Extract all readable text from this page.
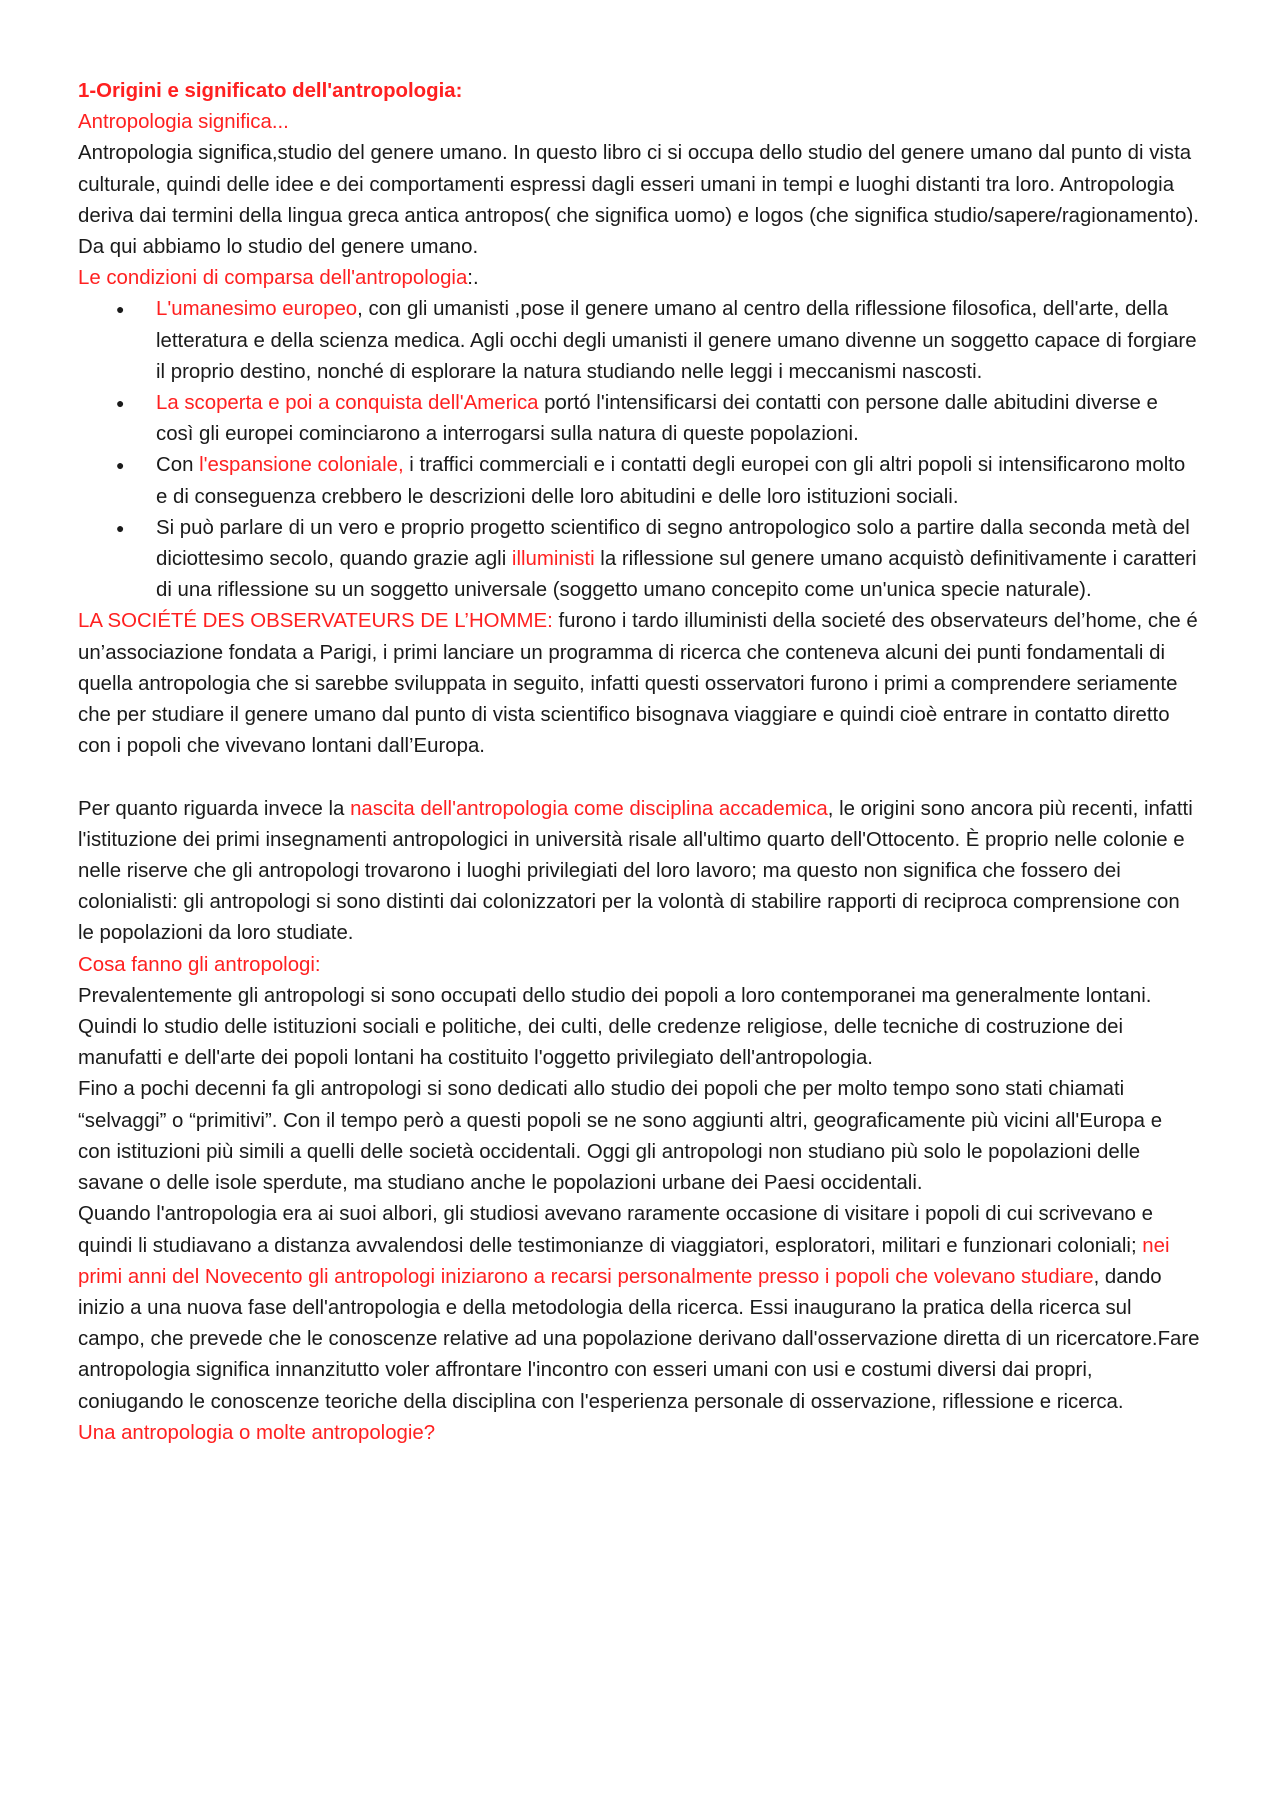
1-Origini e significato dell'antropologia:

Antropologia significa...

Antropologia significa,studio del genere umano. In questo libro ci si occupa dello studio del genere umano dal punto di vista culturale, quindi delle idee e dei comportamenti espressi dagli esseri umani in tempi e luoghi distanti tra loro. Antropologia deriva dai termini della lingua greca antica antropos( che significa uomo) e logos (che significa studio/sapere/ragionamento). Da qui abbiamo lo studio del genere umano.

Le condizioni di comparsa dell'antropologia:.

● L'umanesimo europeo, con gli umanisti ,pose il genere umano al centro della riflessione filosofica, dell'arte, della letteratura e della scienza medica. Agli occhi degli umanisti il genere umano divenne un soggetto capace di forgiare il proprio destino, nonché di esplorare la natura studiando nelle leggi i meccanismi nascosti.
● La scoperta e poi a conquista dell'America portó l'intensificarsi dei contatti con persone dalle abitudini diverse e così gli europei cominciarono a interrogarsi sulla natura di queste popolazioni.
● Con l'espansione coloniale, i traffici commerciali e i contatti degli europei con gli altri popoli si intensificarono molto e di conseguenza crebbero le descrizioni delle loro abitudini e delle loro istituzioni sociali.
● Si può parlare di un vero e proprio progetto scientifico di segno antropologico solo a partire dalla seconda metà del diciottesimo secolo, quando grazie agli illuministi la riflessione sul genere umano acquistò definitivamente i caratteri di una riflessione su un soggetto universale (soggetto umano concepito come un'unica specie naturale).

LA SOCIÉTÉ DES OBSERVATEURS DE L’HOMME: furono i tardo illuministi della societé des observateurs del’home, che é un’associazione fondata a Parigi, i primi lanciare un programma di ricerca che conteneva alcuni dei punti fondamentali di quella antropologia che si sarebbe sviluppata in seguito, infatti questi osservatori furono i primi a comprendere seriamente che per studiare il genere umano dal punto di vista scientifico bisognava viaggiare e quindi cioè entrare in contatto diretto con i popoli che vivevano lontani dall’Europa.

Per quanto riguarda invece la nascita dell'antropologia come disciplina accademica, le origini sono ancora più recenti, infatti l'istituzione dei primi insegnamenti antropologici in università risale all'ultimo quarto dell'Ottocento. È proprio nelle colonie e nelle riserve che gli antropologi trovarono i luoghi privilegiati del loro lavoro; ma questo non significa che fossero dei colonialisti: gli antropologi si sono distinti dai colonizzatori per la volontà di stabilire rapporti di reciproca comprensione con le popolazioni da loro studiate.

Cosa fanno gli antropologi:

Prevalentemente gli antropologi si sono occupati dello studio dei popoli a loro contemporanei ma generalmente lontani. Quindi lo studio delle istituzioni sociali e politiche, dei culti, delle credenze religiose, delle tecniche di costruzione dei manufatti e dell'arte dei popoli lontani ha costituito l'oggetto privilegiato dell'antropologia.

Fino a pochi decenni fa gli antropologi si sono dedicati allo studio dei popoli che per molto tempo sono stati chiamati “selvaggi” o “primitivi”. Con il tempo però a questi popoli se ne sono aggiunti altri, geograficamente più vicini all'Europa e con istituzioni più simili a quelli delle società occidentali. Oggi gli antropologi non studiano più solo le popolazioni delle savane o delle isole sperdute, ma studiano anche le popolazioni urbane dei Paesi occidentali.

Quando l'antropologia era ai suoi albori, gli studiosi avevano raramente occasione di visitare i popoli di cui scrivevano e quindi li studiavano a distanza avvalendosi delle testimonianze di viaggiatori, esploratori, militari e funzionari coloniali; nei primi anni del Novecento gli antropologi iniziarono a recarsi personalmente presso i popoli che volevano studiare, dando inizio a una nuova fase dell'antropologia e della metodologia della ricerca. Essi inaugurano la pratica della ricerca sul campo, che prevede che le conoscenze relative ad una popolazione derivano dall'osservazione diretta di un ricercatore.Fare antropologia significa innanzitutto voler affrontare l'incontro con esseri umani con usi e costumi diversi dai propri, coniugando le conoscenze teoriche della disciplina con l'esperienza personale di osservazione, riflessione e ricerca.

Una antropologia o molte antropologie?
